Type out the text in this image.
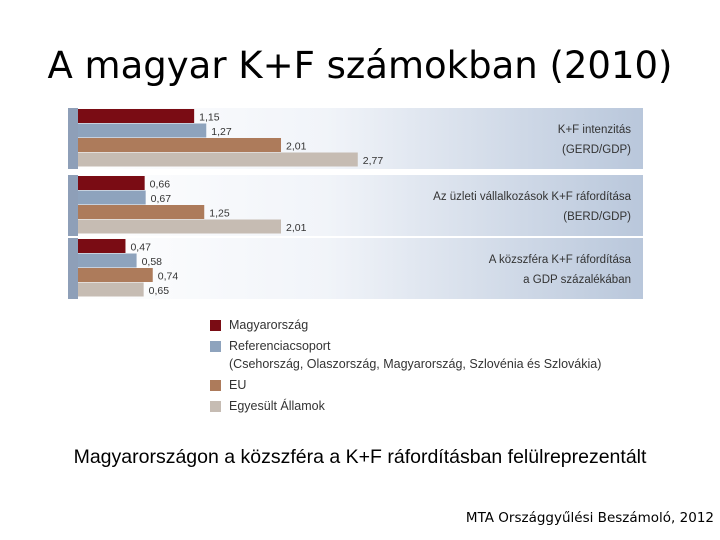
A magyar K+F számokban (2010)
1,15
1,27
2,01
2,77
K+F intenzitás
(GERD/GDP)
0,66
0,67
1,25
2,01
Az üzleti vállalkozások K+F ráfordítása
(BERD/GDP)
0,47
0,58
0,74
0,65
A közszféra K+F ráfordítása
a GDP százalékában
Magyarország
Referenciacsoport
(Csehország, Olaszország, Magyarország, Szlovénia és Szlovákia)
EU
Egyesült Államok
Magyarországon a közszféra a K+F ráfordításban felülreprezentált
MTA Országgyűlési Beszámoló, 2012
